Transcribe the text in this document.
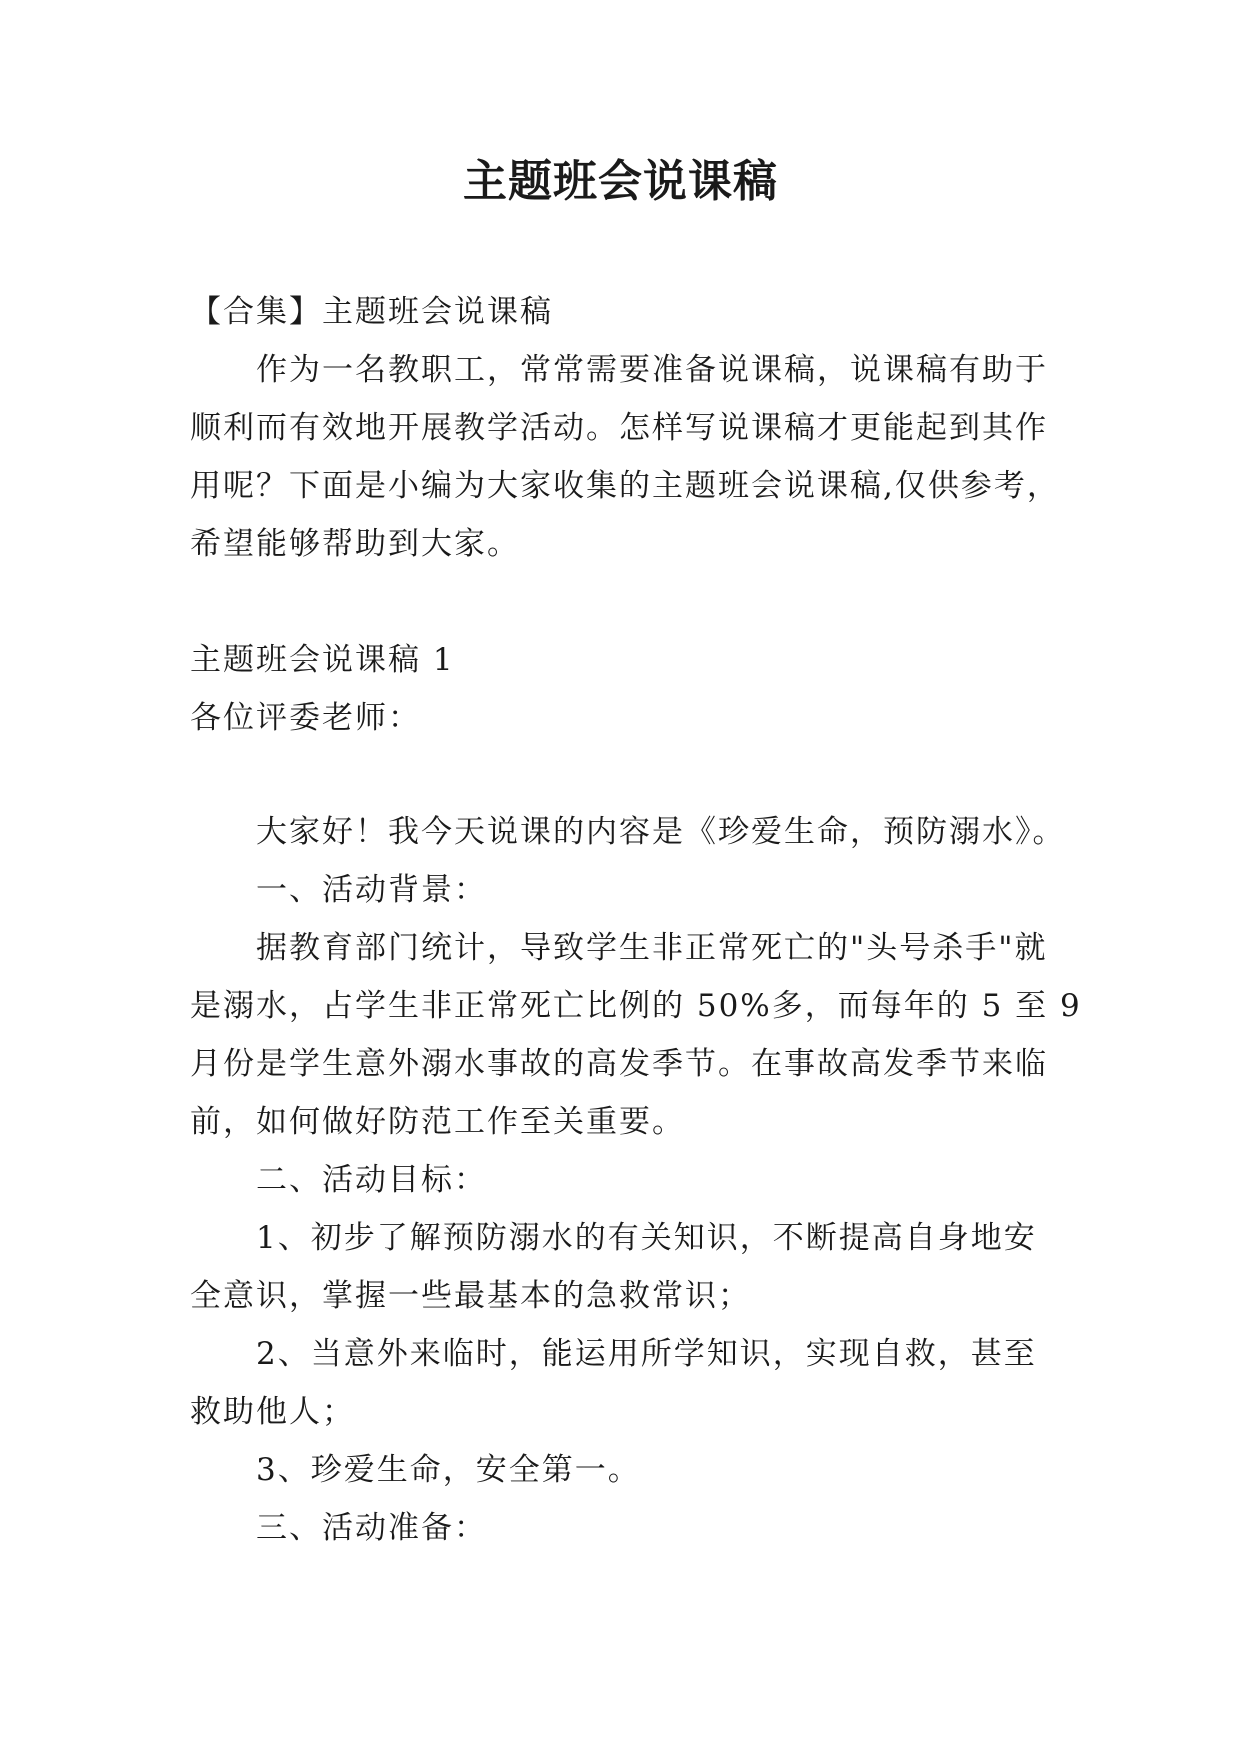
主题班会说课稿
【合集】主题班会说课稿
作为一名教职工，常常需要准备说课稿，说课稿有助于
顺利而有效地开展教学活动。怎样写说课稿才更能起到其作
用呢？下面是小编为大家收集的主题班会说课稿,仅供参考，
希望能够帮助到大家。
主题班会说课稿 1
各位评委老师：
大家好！我今天说课的内容是《珍爱生命，预防溺水》。
一、活动背景：
据教育部门统计，导致学生非正常死亡的"头号杀手"就
是溺水，占学生非正常死亡比例的 50%多，而每年的 5 至 9
月份是学生意外溺水事故的高发季节。在事故高发季节来临
前，如何做好防范工作至关重要。
二、活动目标：
1、初步了解预防溺水的有关知识，不断提高自身地安
全意识，掌握一些最基本的急救常识；
2、当意外来临时，能运用所学知识，实现自救，甚至
救助他人；
3、珍爱生命，安全第一。
三、活动准备：
